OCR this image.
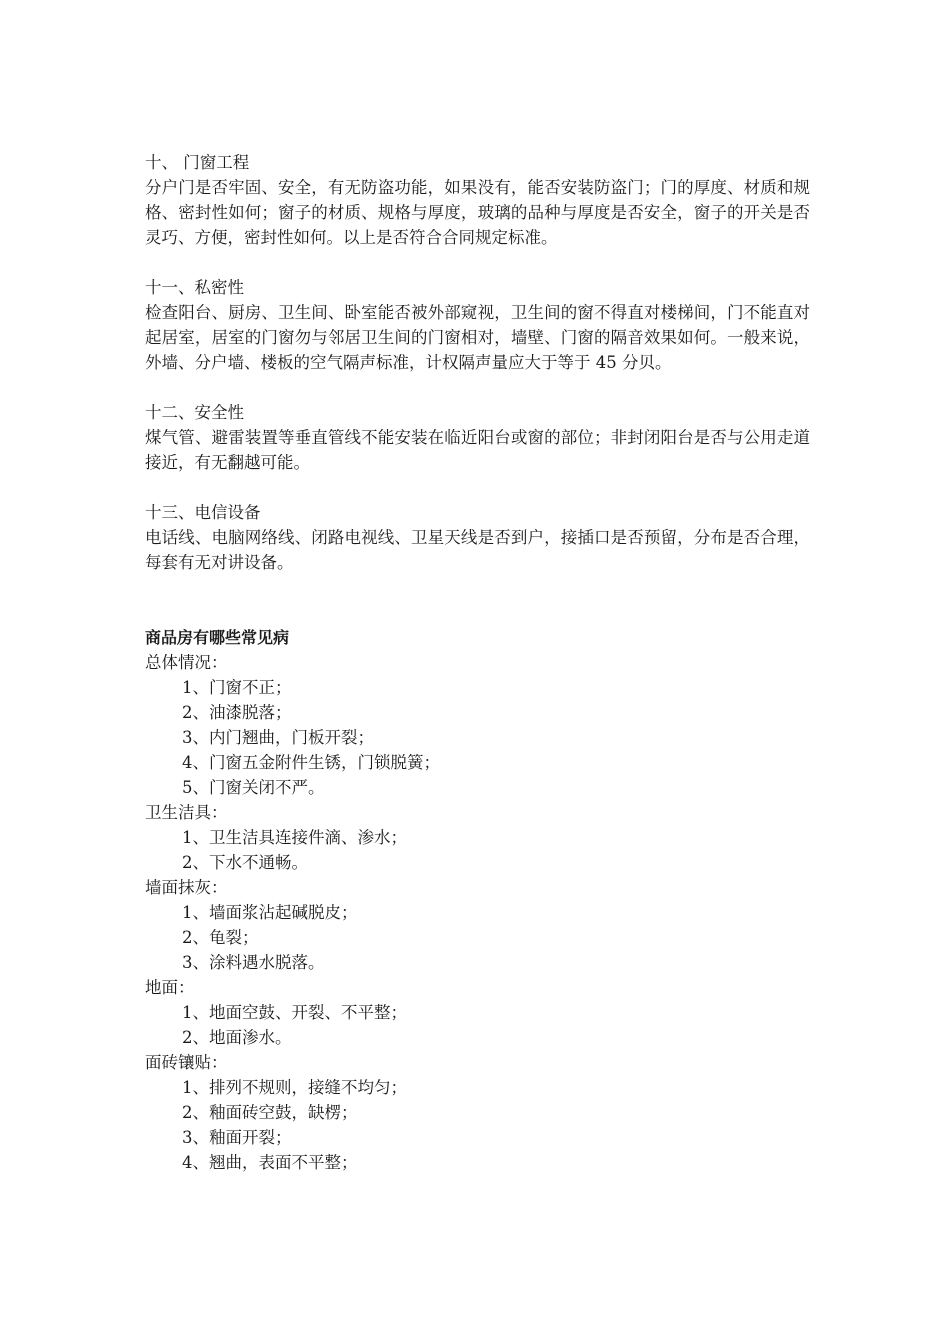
十、 门窗工程

分户门是否牢固、安全，有无防盗功能，如果没有，能否安装防盗门；门的厚度、材质和规格、密封性如何；窗子的材质、规格与厚度，玻璃的品种与厚度是否安全，窗子的开关是否灵巧、方便，密封性如何。以上是否符合合同规定标准。

十一、私密性

检查阳台、厨房、卫生间、卧室能否被外部窥视，卫生间的窗不得直对楼梯间，门不能直对起居室，居室的门窗勿与邻居卫生间的门窗相对，墙壁、门窗的隔音效果如何。一般来说，外墙、分户墙、楼板的空气隔声标准，计权隔声量应大于等于 45 分贝。

十二、安全性

煤气管、避雷装置等垂直管线不能安装在临近阳台或窗的部位；非封闭阳台是否与公用走道接近，有无翻越可能。

十三、电信设备

电话线、电脑网络线、闭路电视线、卫星天线是否到户，接插口是否预留，分布是否合理，每套有无对讲设备。

商品房有哪些常见病
总体情况：
1、门窗不正；
2、油漆脱落；
3、内门翘曲，门板开裂；
4、门窗五金附件生锈，门锁脱簧；
5、门窗关闭不严。
卫生洁具：
1、卫生洁具连接件滴、渗水；
2、下水不通畅。
墙面抹灰：
1、墙面浆沾起碱脱皮；
2、龟裂；
3、涂料遇水脱落。
地面：
1、地面空鼓、开裂、不平整；
2、地面渗水。
面砖镶贴：
1、排列不规则，接缝不均匀；
2、釉面砖空鼓，缺楞；
3、釉面开裂；
4、翘曲，表面不平整；
